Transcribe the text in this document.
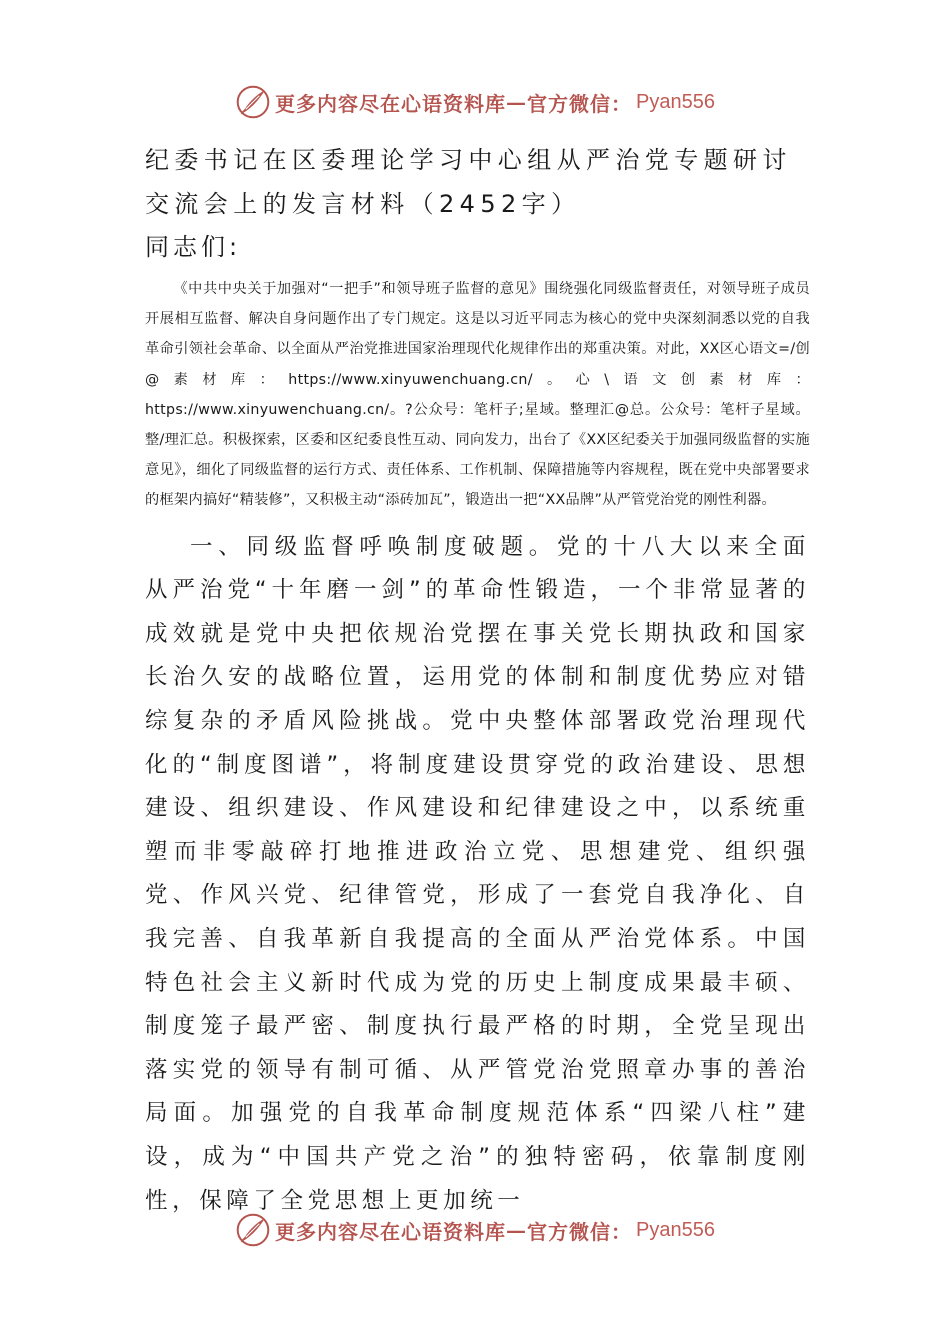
更多内容尽在心语资料库 — 官方微信： Pyan556
纪委书记在区委理论学习中心组从严治党专题研讨交流会上的发言材料（2452字）

同志们:

《中共中央关于加强对“一把手”和领导班子监督的意见》围绕强化同级监督责任，对领导班子成员开展相互监督、解决自身问题作出了专门规定。这是以习近平同志为核心的党中央深刻洞悉以党的自我革命引领社会革命、以全面从严治党推进国家治理现代化规律作出的郑重决策。对此，XX区心语文=/创@素材库：https://www.xinyuwenchuang.cn/。心\语文创素材库：https://www.xinyuwenchuang.cn/。?公众号：笔杆子;星域。整理汇@总。公众号：笔杆子星域。整/理汇总。积极探索，区委和区纪委良性互动、同向发力，出台了《XX区纪委关于加强同级监督的实施意见》，细化了同级监督的运行方式、责任体系、工作机制、保障措施等内容规程，既在党中央部署要求的框架内搞好“精装修”，又积极主动“添砖加瓦”，锻造出一把“XX品牌”从严管党治党的刚性利器。

一、同级监督呼唤制度破题。党的十八大以来全面从严治党“十年磨一剑”的革命性锻造，一个非常显著的成效就是党中央把依规治党摆在事关党长期执政和国家长治久安的战略位置，运用党的体制和制度优势应对错综复杂的矛盾风险挑战。党中央整体部署政党治理现代化的“制度图谱”，将制度建设贯穿党的政治建设、思想建设、组织建设、作风建设和纪律建设之中，以系统重塑而非零敲碎打地推进政治立党、思想建党、组织强党、作风兴党、纪律管党，形成了一套党自我净化、自我完善、自我革新自我提高的全面从严治党体系。中国特色社会主义新时代成为党的历史上制度成果最丰硕、制度笼子最严密、制度执行最严格的时期，全党呈现出落实党的领导有制可循、从严管党治党照章办事的善治局面。加强党的自我革命制度规范体系“四梁八柱”建设，成为“中国共产党之治”的独特密码，依靠制度刚性，保障了全党思想上更加统一

更多内容尽在心语资料库 — 官方微信： Pyan556
